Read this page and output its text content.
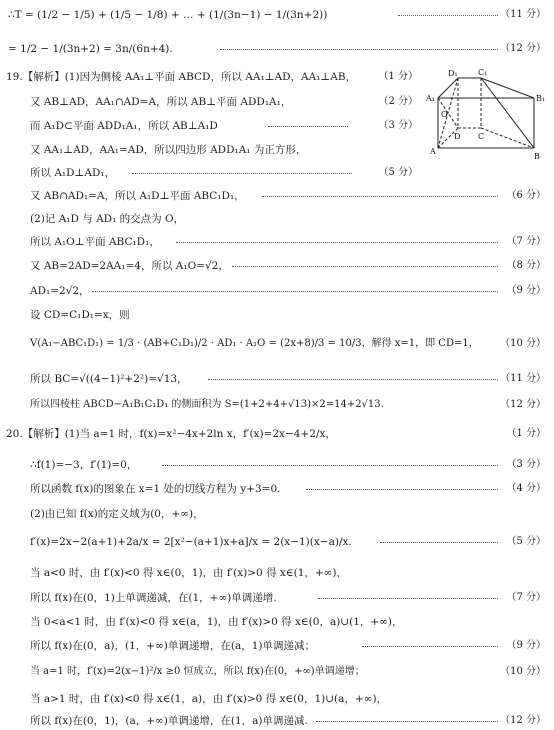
∴T = (1/2 − 1/5) + (1/5 − 1/8) + … + (1/(3n−1) − 1/(3n+2))	（11 分）
= 1/2 − 1/(3n+2) = 3n/(6n+4).	（12 分）
19.【解析】(1)因为侧棱 AA₁⊥平面 ABCD，所以 AA₁⊥AD，AA₁⊥AB， （1 分）
又 AB⊥AD，AA₁∩AD=A，所以 AB⊥平面 ADD₁A₁，	（2 分）
而 A₁D⊂平面 ADD₁A₁，所以 AB⊥A₁D	（3 分）
又 AA₁⊥AD，AA₁=AD，所以四边形 ADD₁A₁ 为正方形，
所以 A₁D⊥AD₁，	（5 分）
又 AB∩AD₁=A，所以 A₁D⊥平面 ABC₁D₁，	（6 分）
(2)记 A₁D 与 AD₁ 的交点为 O，
所以 A₁O⊥平面 ABC₁D₁，	（7 分）
又 AB=2AD=2AA₁=4，所以 A₁O=√2，	（8 分）
AD₁=2√2，	（9 分）
设 CD=C₁D₁=x，则
V(A₁−ABC₁D₁) = 1/3 · (AB+C₁D₁)/2 · AD₁ · A₁O = (2x+8)/3 = 10/3，解得 x=1，即 CD=1， （10 分）
所以 BC=√((4−1)²+2²)=√13，	（11 分）
所以四棱柱 ABCD−A₁B₁C₁D₁ 的侧面积为 S=(1+2+4+√13)×2=14+2√13.	（12 分）
20.【解析】(1)当 a=1 时，f(x)=x²−4x+2ln x，f′(x)=2x−4+2/x，	（1 分）
∴f(1)=−3，f′(1)=0，	（3 分）
所以函数 f(x)的图象在 x=1 处的切线方程为 y+3=0.	（4 分）
(2)由已知 f(x)的定义域为(0，+∞)，
f′(x)=2x−2(a+1)+2a/x = 2[x²−(a+1)x+a]/x = 2(x−1)(x−a)/x.	（5 分）
当 a<0 时，由 f′(x)<0 得 x∈(0，1)，由 f′(x)>0 得 x∈(1，+∞)，
所以 f(x)在(0，1)上单调递减，在(1，+∞)单调递增.	（7 分）
当 0<a<1 时，由 f′(x)<0 得 x∈(a，1)，由 f′(x)>0 得 x∈(0，a)∪(1，+∞)，
所以 f(x)在(0，a)，(1，+∞)单调递增，在(a，1)单调递减；	（9 分）
当 a=1 时，f′(x)=2(x−1)²/x ≥0 恒成立，所以 f(x)在(0，+∞)单调递增；	（10 分）
当 a>1 时，由 f′(x)<0 得 x∈(1，a)，由 f′(x)>0 得 x∈(0，1)∪(a，+∞)，
所以 f(x)在(0，1)，(a，+∞)单调递增，在(1，a)单调递减.	（12 分）
D₁	C₁
A₁	B₁
O
A
D C
B
